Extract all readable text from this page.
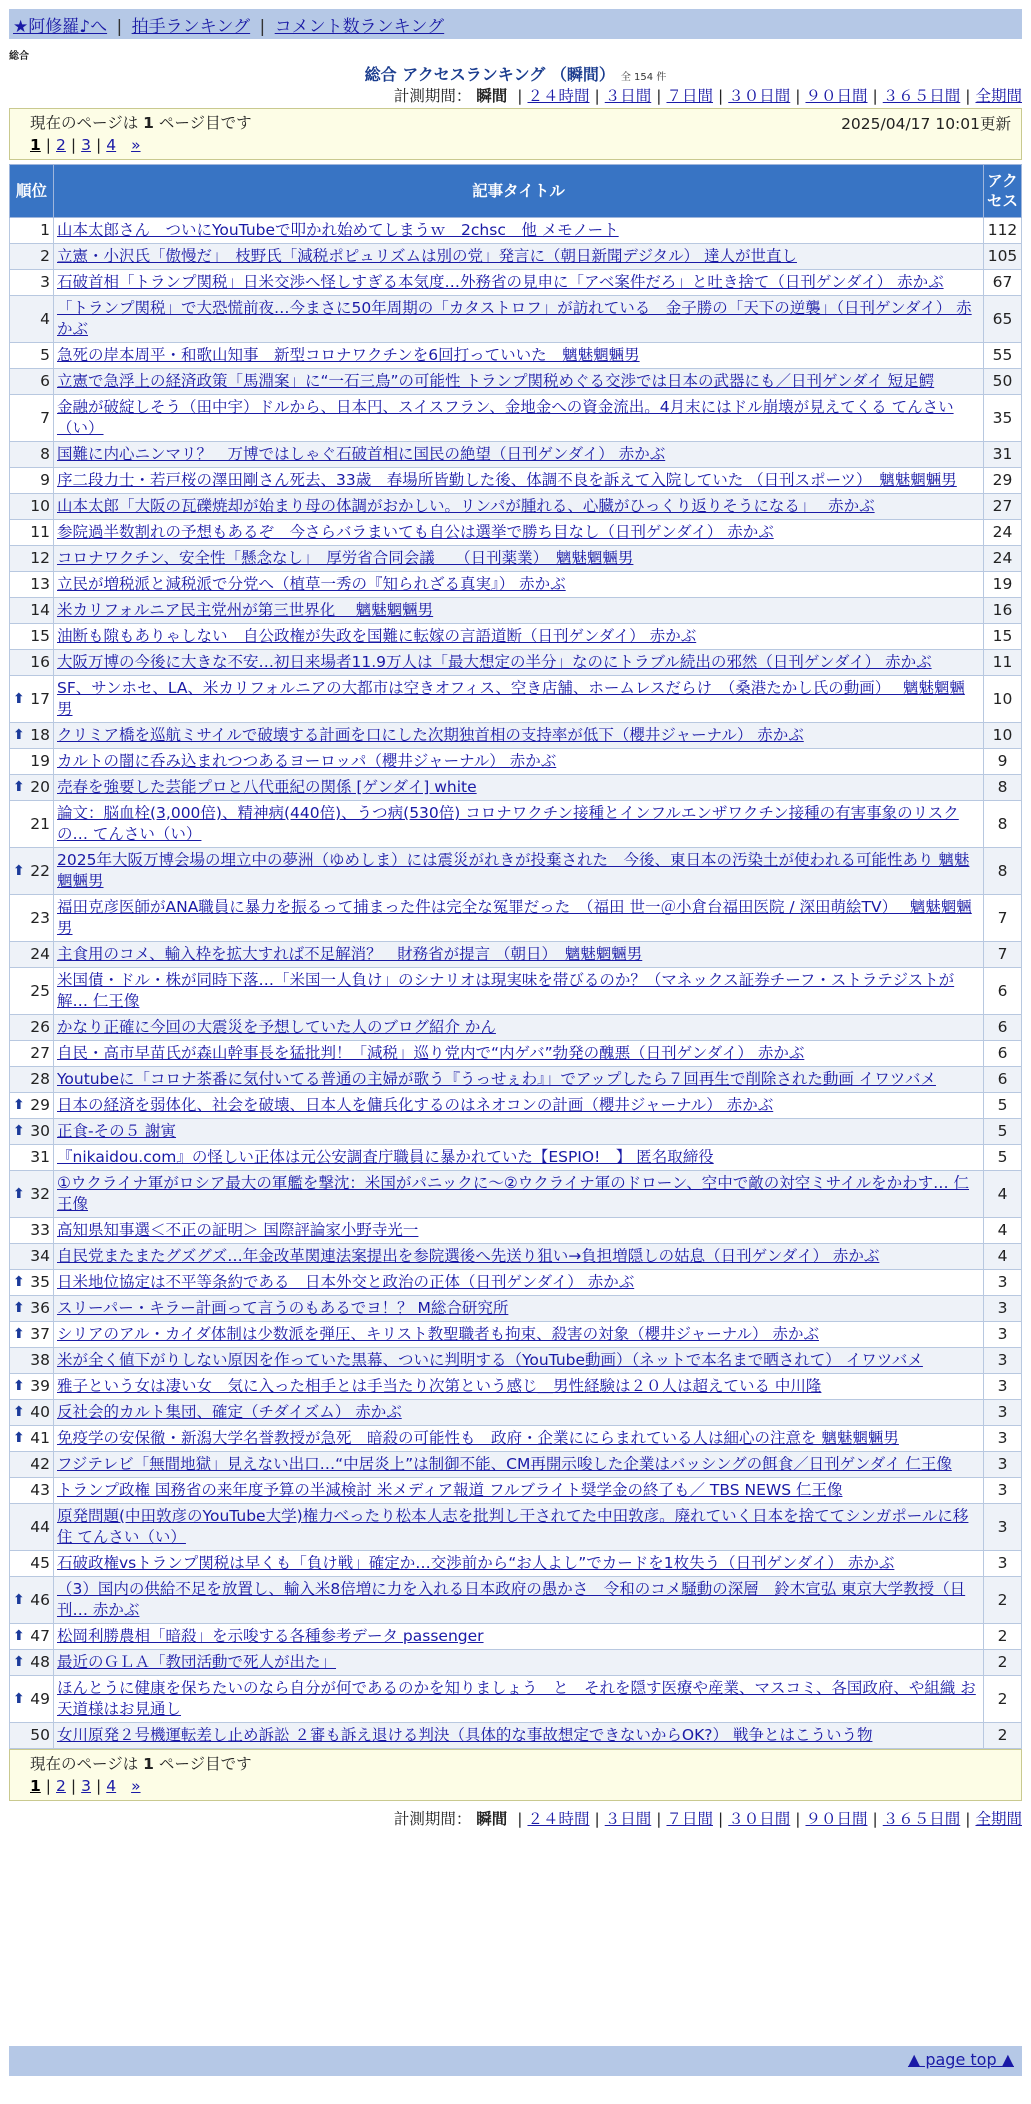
★阿修羅♪へ | 拍手ランキング | コメント数ランキング
総合
総合 アクセスランキング （瞬間） 全 154 件
計測期間： 瞬間 | ２４時間 | ３日間 | ７日間 | ３０日間 | ９０日間 | ３６５日間 | 全期間
現在のページは 1 ページ目です
1 | 2 | 3 | 4 »
2025/04/17 10:01更新
順位	記事タイトル	アクセス
1	山本太郎さん　ついにYouTubeで叩かれ始めてしまうｗ　2chsc　他 メモノート	112
2	立憲・小沢氏「傲慢だ」　枝野氏「減税ポピュリズムは別の党」発言に（朝日新聞デジタル） 達人が世直し	105
3	石破首相「トランプ関税」日米交渉へ怪しすぎる本気度…外務省の見申に「アベ案件だろ」と吐き捨て（日刊ゲンダイ） 赤かぶ	67
4	「トランプ関税」で大恐慌前夜…今まさに50年周期の「カタストロフ」が訪れている　金子勝の「天下の逆襲」（日刊ゲンダイ） 赤かぶ	65
5	急死の岸本周平・和歌山知事　新型コロナワクチンを6回打っていいた　魑魅魍魎男	55
6	立憲で急浮上の経済政策「馬淵案」に“一石三鳥”の可能性 トランプ関税めぐる交渉では日本の武器にも／日刊ゲンダイ 短足鰐	50
7	金融が破綻しそう（田中宇）ドルから、日本円、スイスフラン、金地金への資金流出。4月末にはドル崩壊が見えてくる てんさい（い）	35
8	国難に内心ニンマリ？　万博ではしゃぐ石破首相に国民の絶望（日刊ゲンダイ） 赤かぶ	31
9	序二段力士・若戸桜の澤田剛さん死去、33歳　春場所皆勤した後、体調不良を訴えて入院していた （日刊スポーツ）　魑魅魍魎男	29
10	山本太郎「大阪の瓦礫焼却が始まり母の体調がおかしい。リンパが腫れる、心臓がひっくり返りそうになる」　 赤かぶ	27
11	参院過半数割れの予想もあるぞ　今さらバラまいても自公は選挙で勝ち目なし（日刊ゲンダイ） 赤かぶ	24
12	コロナワクチン、安全性「懸念なし」　厚労省合同会議　 （日刊薬業）　魑魅魍魎男	24
13	立民が増税派と減税派で分党へ（植草一秀の『知られざる真実』） 赤かぶ	19
14	米カリフォルニア民主党州が第三世界化　 魑魅魍魎男	16
15	油断も隙もありゃしない　自公政権が失政を国難に転嫁の言語道断（日刊ゲンダイ） 赤かぶ	15
16	大阪万博の今後に大きな不安…初日来場者11.9万人は「最大想定の半分」なのにトラブル続出の邪然（日刊ゲンダイ） 赤かぶ	11

⬆ 17	SF、サンホセ、LA、米カリフォルニアの大都市は空きオフィス、空き店舗、ホームレスだらけ　（桑港たかし氏の動画）　 魑魅魍魎男	10

⬆ 18	クリミア橋を巡航ミサイルで破壊する計画を口にした次期独首相の支持率が低下（櫻井ジャーナル） 赤かぶ	10
19	カルトの闇に呑み込まれつつあるヨーロッパ（櫻井ジャーナル） 赤かぶ	9

⬆ 20	売春を強要した芸能プロと八代亜紀の関係 [ゲンダイ] white	8
21	論文：脳血栓(3,000倍)、精神病(440倍)、うつ病(530倍) コロナワクチン接種とインフルエンザワクチン接種の有害事象のリスクの… てんさい（い）	8

⬆ 22	2025年大阪万博会場の埋立中の夢洲（ゆめしま）には震災がれきが投棄された　今後、東日本の汚染土が使われる可能性あり 魑魅魍魎男	8
23	福田克彦医師がANA職員に暴力を振るって捕まった件は完全な冤罪だった　（福田 世一＠小倉台福田医院 / 深田萌絵TV）　 魑魅魍魎男	7
24	主食用のコメ、輸入枠を拡大すれば不足解消？　財務省が提言 （朝日）　魑魅魍魎男	7
25	米国債・ドル・株が同時下落…「米国一人負け」のシナリオは現実味を帯びるのか？（マネックス証券チーフ・ストラテジストが解… 仁王像	6
26	かなり正確に今回の大震災を予想していた人のブログ紹介 かん	6
27	自民・高市早苗氏が森山幹事長を猛批判！「減税」巡り党内で“内ゲバ”勃発の醜悪（日刊ゲンダイ） 赤かぶ	6
28	Youtubeに「コロナ茶番に気付いてる普通の主婦が歌う『うっせぇわ』」でアップしたら７回再生で削除された動画 イワツバメ	6

⬆ 29	日本の経済を弱体化、社会を破壊、日本人を傭兵化するのはネオコンの計画（櫻井ジャーナル） 赤かぶ	5

⬆ 30	正食-その５ 謝寅	5
31	『nikaidou.com』の怪しい正体は元公安調査庁職員に暴かれていた【ESPIO!　】 匿名取締役	5

⬆ 32	①ウクライナ軍がロシア最大の軍艦を撃沈：米国がパニックに～②ウクライナ軍のドローン、空中で敵の対空ミサイルをかわす… 仁王像	4
33	高知県知事選＜不正の証明＞ 国際評論家小野寺光一	4
34	自民党またまたグズグズ…年金改革関連法案提出を参院選後へ先送り狙い→負担増隠しの姑息（日刊ゲンダイ） 赤かぶ	4

⬆ 35	日米地位協定は不平等条約である　日本外交と政治の正体（日刊ゲンダイ） 赤かぶ	3

⬆ 36	スリーパー・キラー計画って言うのもあるでヨ！？ M総合研究所	3

⬆ 37	シリアのアル・カイダ体制は少数派を弾圧、キリスト教聖職者も拘束、殺害の対象（櫻井ジャーナル） 赤かぶ	3
38	米が全く値下がりしない原因を作っていた黒幕、ついに判明する（YouTube動画）（ネットで本名まで晒されて） イワツバメ	3

⬆ 39	雅子という女は凄い女　気に入った相手とは手当たり次第という感じ＿男性経験は２０人は超えている 中川隆	3

⬆ 40	反社会的カルト集団、確定（チダイズム） 赤かぶ	3

⬆ 41	免疫学の安保徹・新潟大学名誉教授が急死　暗殺の可能性も　政府・企業ににらまれている人は細心の注意を 魑魅魍魎男	3
42	フジテレビ「無間地獄」見えない出口…“中居炎上”は制御不能、CM再開示唆した企業はバッシングの餌食／日刊ゲンダイ 仁王像	3
43	トランプ政権 国務省の来年度予算の半減検討 米メディア報道 フルブライト奨学金の終了も／ TBS NEWS 仁王像	3
44	原発問題(中田敦彦のYouTube大学)権力べったり松本人志を批判し干されてた中田敦彦。廃れていく日本を捨ててシンガポールに移住 てんさい（い）	3
45	石破政権vsトランプ関税は早くも「負け戦」確定か…交渉前から“お人よし”でカードを1枚失う（日刊ゲンダイ） 赤かぶ	3

⬆ 46	（3）国内の供給不足を放置し、輸入米8倍増に力を入れる日本政府の愚かさ　令和のコメ騒動の深層　鈴木宣弘 東京大学教授（日刊… 赤かぶ	2

⬆ 47	松岡利勝農相「暗殺」を示唆する各種参考データ passenger	2

⬆ 48	最近のＧＬＡ「教団活動で死人が出た」	2

⬆ 49	ほんとうに健康を保ちたいのなら自分が何であるのかを知りましょう　と　それを隠す医療や産業、マスコミ、各国政府、や組織 お天道様はお見通し	2
50	女川原発２号機運転差し止め訴訟 ２審も訴え退ける判決（具体的な事故想定できないからOK?） 戦争とはこういう物	2
現在のページは 1 ページ目です
1 | 2 | 3 | 4 »
計測期間： 瞬間 | ２４時間 | ３日間 | ７日間 | ３０日間 | ９０日間 | ３６５日間 | 全期間
▲ page top ▲
